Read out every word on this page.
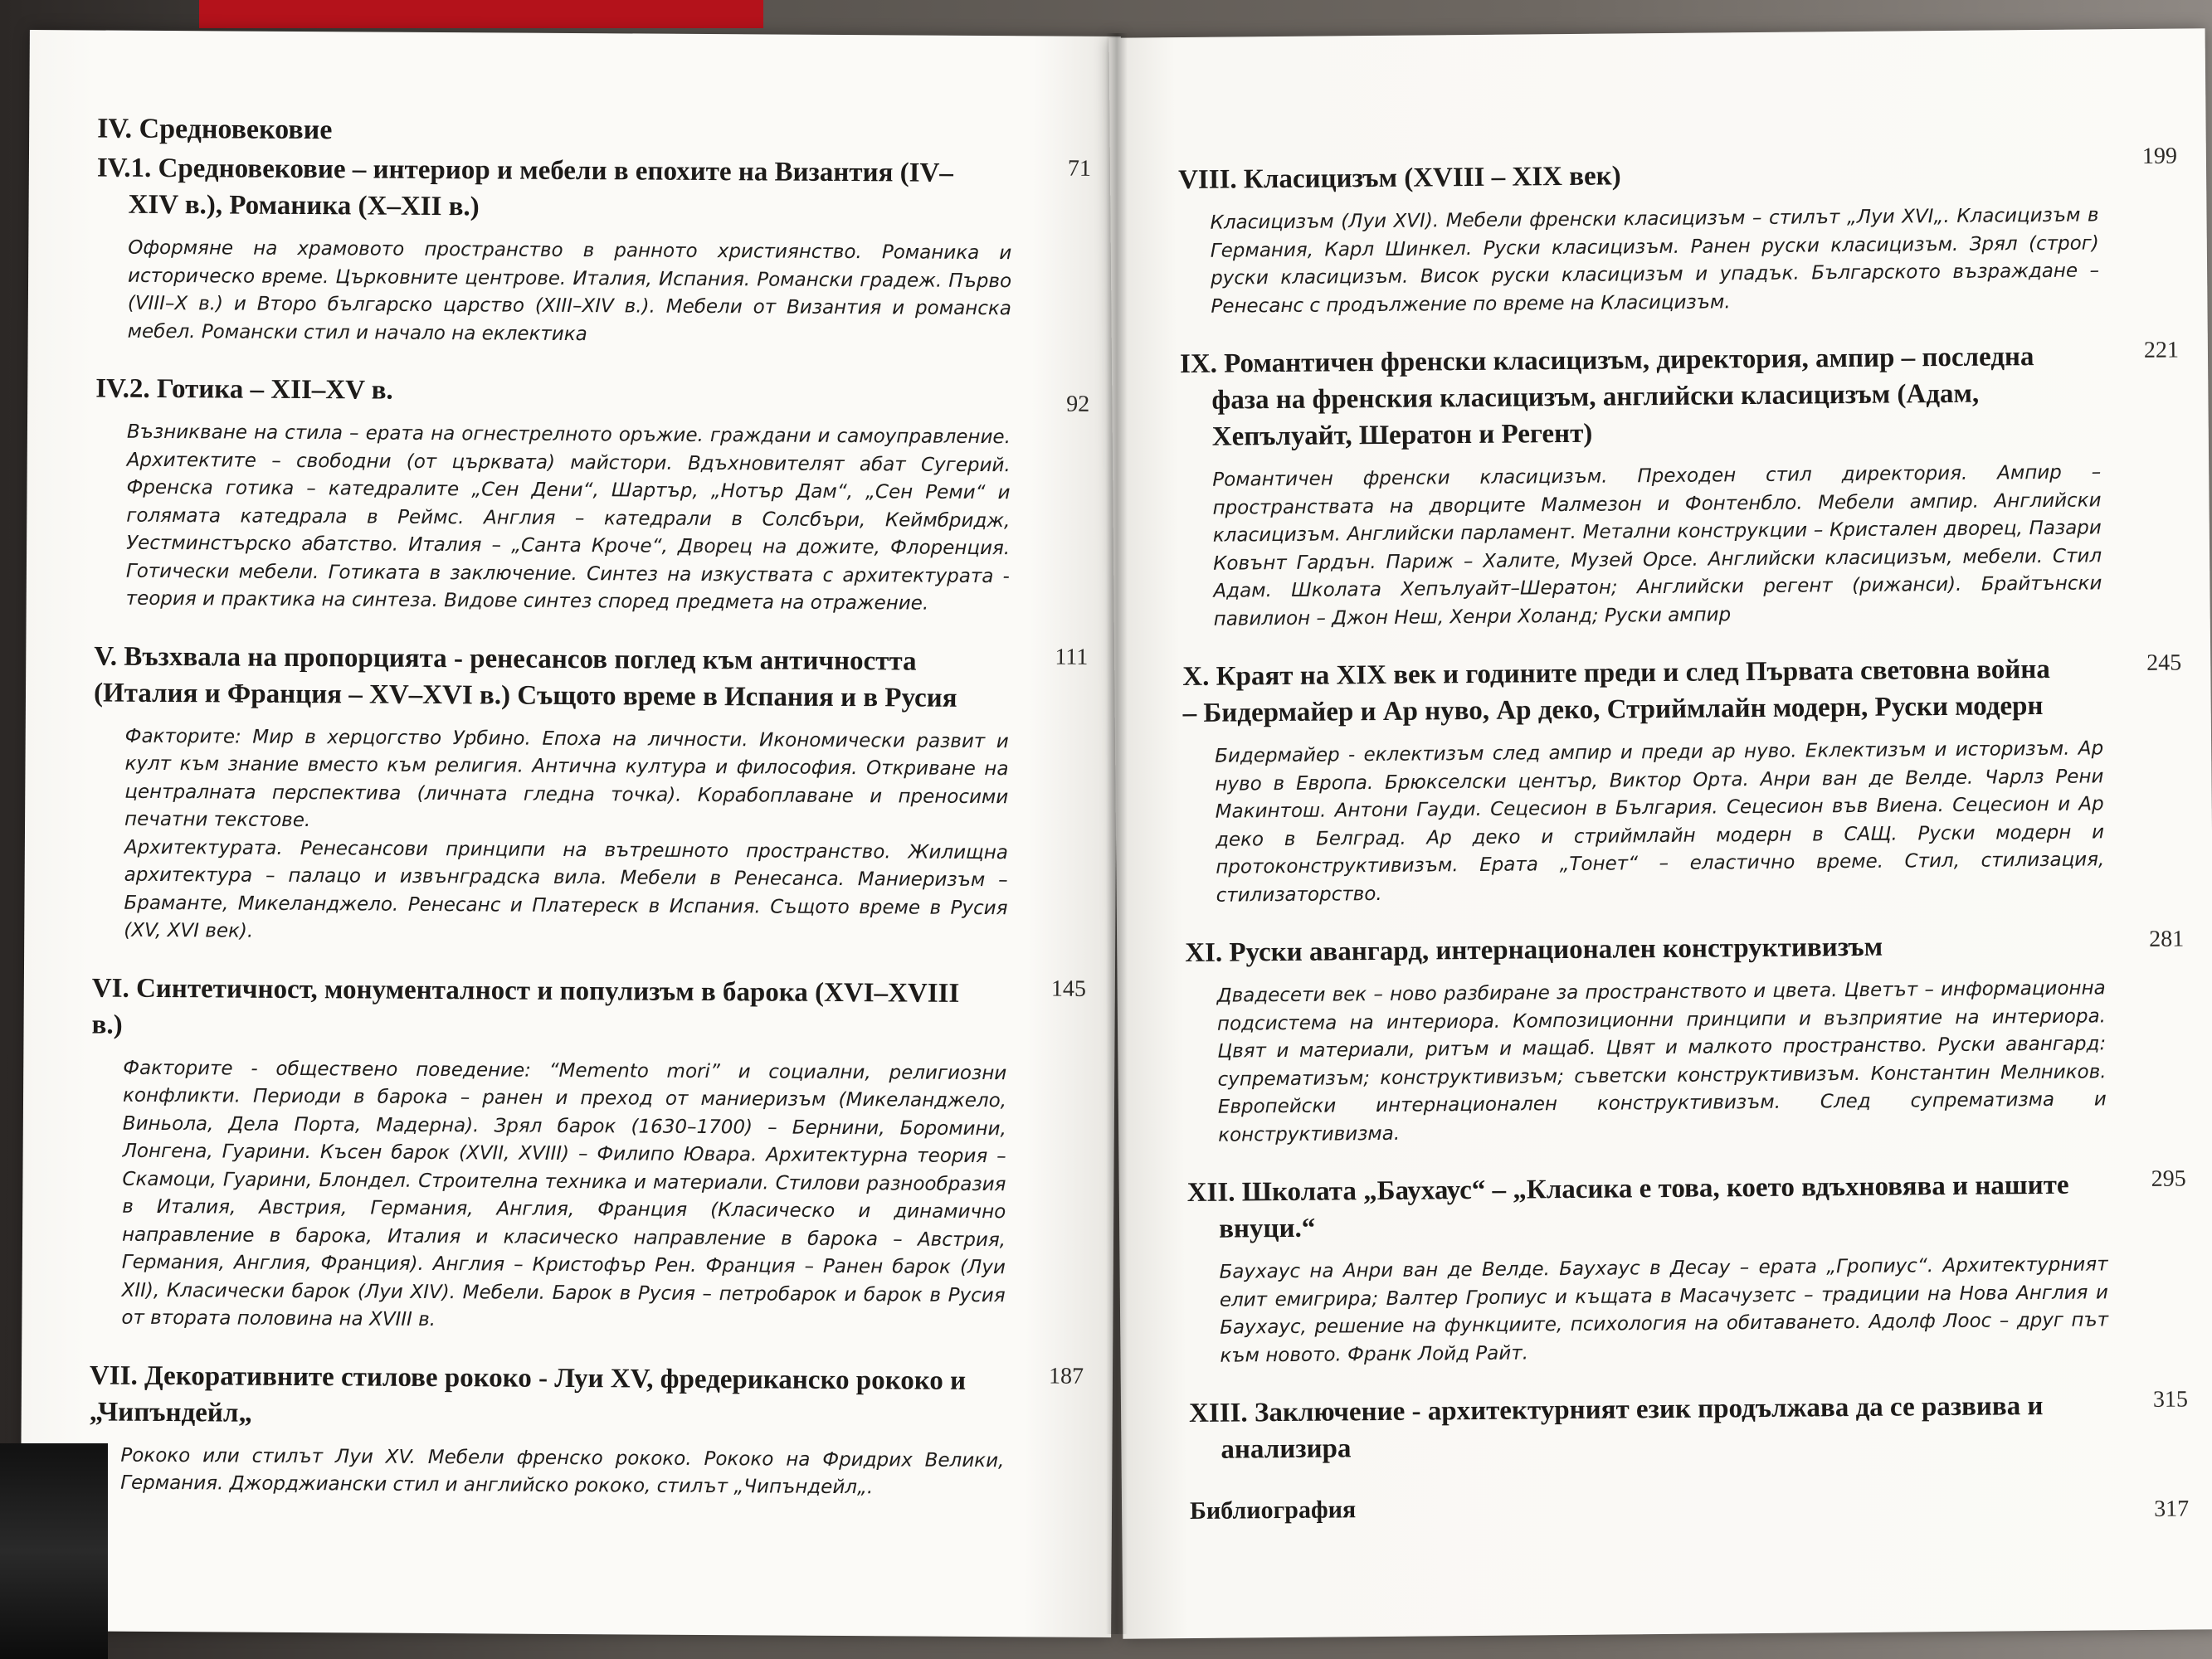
IV. Средновековие
71
IV.1. Средновековие – интериор и мебели в епохите на Византия (IV–XIV в.), Романика (X–XII в.)

Оформяне на храмовото пространство в ранното християнство. Романика и историческо време. Църковните центрове. Италия, Испания. Романски градеж. Първо (VIII–X в.) и Второ българско царство (XIII–XIV в.). Мебели от Византия и романска мебел. Романски стил и начало на еклектика

92
IV.2. Готика – XII–XV в.

Възникване на стила – ерата на огнестрелното оръжие. граждани и самоуправление. Архитектите – свободни (от църквата) майстори. Вдъхновителят абат Сугерий. Френска готика – катедралите „Сен Дени“, Шартър, „Нотър Дам“, „Сен Реми“ и голямата катедрала в Реймс. Англия – катедрали в Солсбъри, Кеймбридж, Уестминстърско абатство. Италия – „Санта Кроче“, Дворец на дожите, Флоренция. Готически мебели. Готиката в заключение. Синтез на изкуствата с архитектурата - теория и практика на синтеза. Видове синтез според предмета на отражение.

111
V. Възхвала на пропорцията - ренесансов поглед към античността (Италия и Франция – XV–XVI в.) Същото време в Испания и в Русия

Факторите: Мир в херцогство Урбино. Епоха на личности. Икономически развит и култ към знание вместо към религия. Антична култура и философия. Откриване на централната перспектива (личната гледна точка). Корабоплаване и преносими печатни текстове.

Архитектурата. Ренесансови принципи на вътрешното пространство. Жилищна архитектура – палацо и извънградска вила. Мебели в Ренесанса. Маниеризъм – Браманте, Микеланджело. Ренесанс и Платереск в Испания. Същото време в Русия (XV, XVI век).

145
VI. Синтетичност, монументалност и популизъм в барока (XVI–XVIII в.)

Факторите - обществено поведение: “Memento mori” и социални, религиозни конфликти. Периоди в барока – ранен и преход от маниеризъм (Микеланджело, Виньола, Дела Порта, Мадерна). Зрял барок (1630–1700) – Бернини, Боромини, Лонгена, Гуарини. Късен барок (XVII, XVIII) – Филипо Ювара. Архитектурна теория – Скамоци, Гуарини, Блондел. Строителна техника и материали. Стилови разнообразия в Италия, Австрия, Германия, Англия, Франция (Класическо и динамично направление в барока, Италия и класическо направление в барока – Австрия, Германия, Англия, Франция). Англия – Кристофър Рен. Франция – Ранен барок (Луи XII), Класически барок (Луи XIV). Мебели. Барок в Русия – петробарок и барок в Русия от втората половина на XVIII в.

187
VII. Декоративните стилове рококо - Луи XV, фредериканско рококо и „Чипъндейл„

Рококо или стилът Луи XV. Мебели френско рококо. Рококо на Фридрих Велики, Германия. Джорджиански стил и английско рококо, стилът „Чипъндейл„.

199
VIII. Класицизъм (XVIII – XIX век)

Класицизъм (Луи XVI). Мебели френски класицизъм – стилът „Луи XVI„. Класицизъм в Германия, Карл Шинкел. Руски класицизъм. Ранен руски класицизъм. Зрял (строг) руски класицизъм. Висок руски класицизъм и упадък. Българското възраждане – Ренесанс с продължение по време на Класицизъм.

221
IX. Романтичен френски класицизъм, директория, ампир – последна фаза на френския класицизъм, английски класицизъм (Адам, Хепълуайт, Шератон и Регент)

Романтичен френски класицизъм. Преходен стил директория. Ампир – пространствата на дворците Малмезон и Фонтенбло. Мебели ампир. Английски класицизъм. Английски парламент. Метални конструкции – Кристален дворец, Пазари Ковънт Гардън. Париж – Халите, Музей Орсе. Английски класицизъм, мебели. Стил Адам. Школата Хепълуайт–Шератон; Английски регент (рижанси). Брайтънски павилион – Джон Неш, Хенри Холанд; Руски ампир

245
X. Краят на XIX век и годините преди и след Първата световна война – Бидермайер и Ар нуво, Ар деко, Стриймлайн модерн, Руски модерн

Бидермайер - еклектизъм след ампир и преди ар нуво. Еклектизъм и историзъм. Ар нуво в Европа. Брюкселски център, Виктор Орта. Анри ван де Велде. Чарлз Рени Макинтош. Антони Гауди. Сецесион в България. Сецесион във Виена. Сецесион и Ар деко в Белград. Ар деко и стриймлайн модерн в САЩ. Руски модерн и протоконструктивизъм. Ерата „Тонет“ – еластично време. Стил, стилизация, стилизаторство.

281
XI. Руски авангард, интернационален конструктивизъм

Двадесети век – ново разбиране за пространството и цвета. Цветът – информационна подсистема на интериора. Композиционни принципи и възприятие на интериора. Цвят и материали, ритъм и мащаб. Цвят и малкото пространство. Руски авангард: супрематизъм; конструктивизъм; съветски конструктивизъм. Константин Мелников. Европейски интернационален конструктивизъм. След супрематизма и конструктивизма.

295
XII. Школата „Баухаус“ – „Класика е това, което вдъхновява и нашите внуци.“

Баухаус на Анри ван де Велде. Баухаус в Десау – ерата „Гропиус“. Архитектурният елит емигрира; Валтер Гропиус и къщата в Масачузетс – традиции на Нова Англия и Баухаус, решение на функциите, психология на обитаването. Адолф Лоос – друг път към новото. Франк Лойд Райт.

315
XIII. Заключение - архитектурният език продължава да се развива и анализира
317
Библиография
